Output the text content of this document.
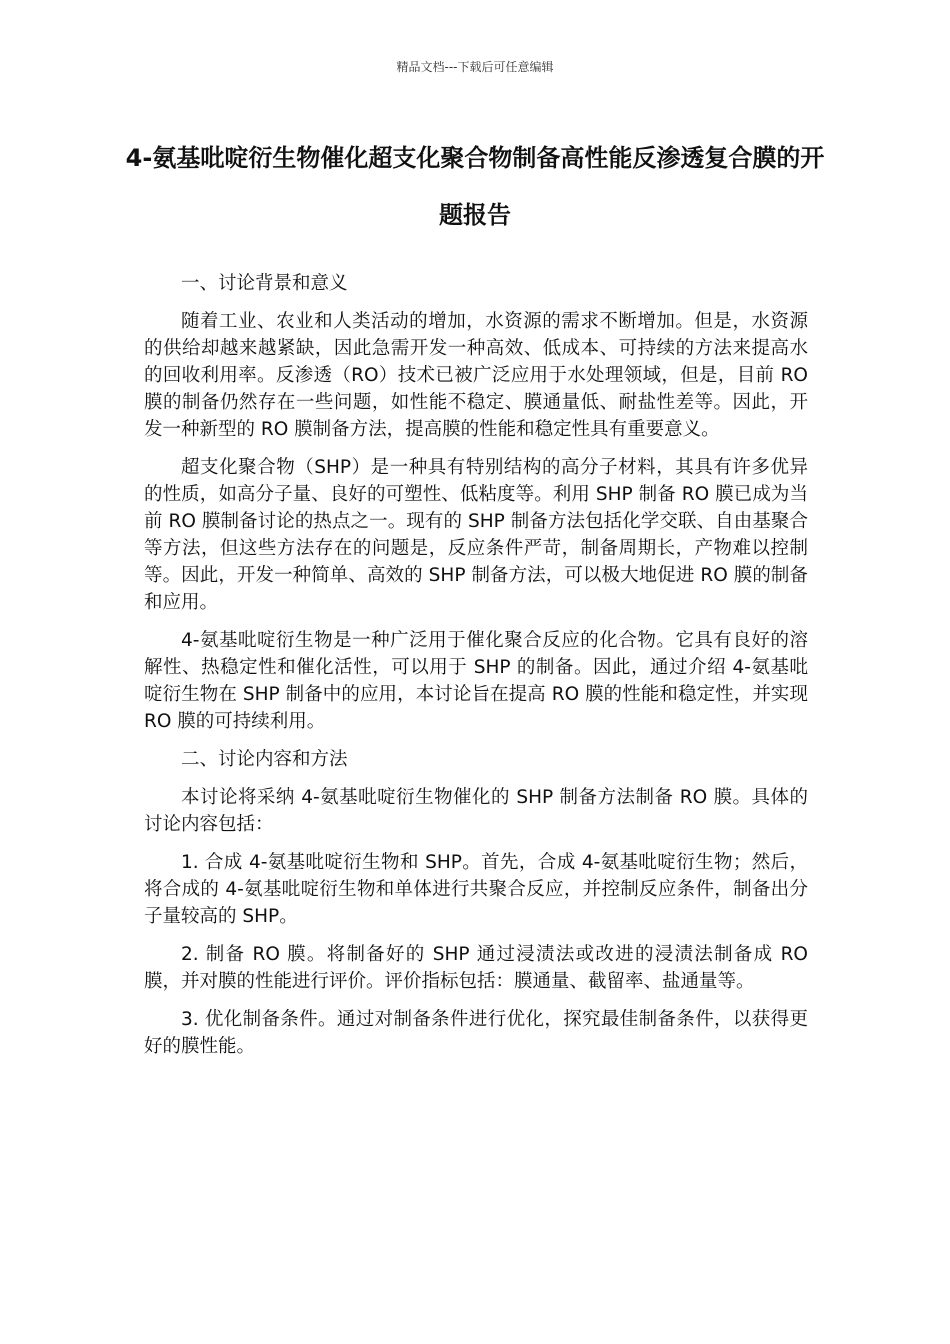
精品文档---下载后可任意编辑
4-氨基吡啶衍生物催化超支化聚合物制备高性能反渗透复合膜的开题报告

一、讨论背景和意义

随着工业、农业和人类活动的增加，水资源的需求不断增加。但是，水资源的供给却越来越紧缺，因此急需开发一种高效、低成本、可持续的方法来提高水的回收利用率。反渗透（RO）技术已被广泛应用于水处理领域，但是，目前 RO 膜的制备仍然存在一些问题，如性能不稳定、膜通量低、耐盐性差等。因此，开发一种新型的 RO 膜制备方法，提高膜的性能和稳定性具有重要意义。

超支化聚合物（SHP）是一种具有特别结构的高分子材料，其具有许多优异的性质，如高分子量、良好的可塑性、低粘度等。利用 SHP 制备 RO 膜已成为当前 RO 膜制备讨论的热点之一。现有的 SHP 制备方法包括化学交联、自由基聚合等方法，但这些方法存在的问题是，反应条件严苛，制备周期长，产物难以控制等。因此，开发一种简单、高效的 SHP 制备方法，可以极大地促进 RO 膜的制备和应用。

4-氨基吡啶衍生物是一种广泛用于催化聚合反应的化合物。它具有良好的溶解性、热稳定性和催化活性，可以用于 SHP 的制备。因此，通过介绍 4-氨基吡啶衍生物在 SHP 制备中的应用，本讨论旨在提高 RO 膜的性能和稳定性，并实现 RO 膜的可持续利用。

二、讨论内容和方法

本讨论将采纳 4-氨基吡啶衍生物催化的 SHP 制备方法制备 RO 膜。具体的讨论内容包括：

1. 合成 4-氨基吡啶衍生物和 SHP。首先，合成 4-氨基吡啶衍生物；然后，将合成的 4-氨基吡啶衍生物和单体进行共聚合反应，并控制反应条件，制备出分子量较高的 SHP。

2. 制备 RO 膜。将制备好的 SHP 通过浸渍法或改进的浸渍法制备成 RO 膜，并对膜的性能进行评价。评价指标包括：膜通量、截留率、盐通量等。

3. 优化制备条件。通过对制备条件进行优化，探究最佳制备条件，以获得更好的膜性能。
